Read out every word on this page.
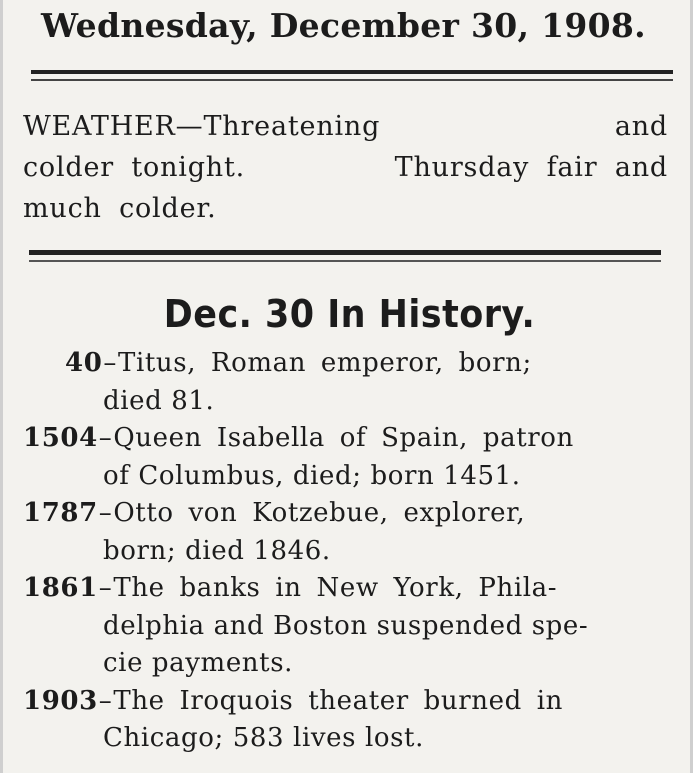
Wednesday, December 30, 1908.
WEATHER—Threatening	and
colder tonight.	Thursday fair and
much colder.
Dec. 30 In History.
40 – Titus, Roman emperor, born;
died 81.
1504 – Queen Isabella of Spain, patron
of Columbus, died; born 1451.
1787 – Otto von Kotzebue, explorer,
born; died 1846.
1861 – The banks in New York, Phila-
delphia and Boston suspended spe-
cie payments.
1903 – The Iroquois theater burned in
Chicago; 583 lives lost.
